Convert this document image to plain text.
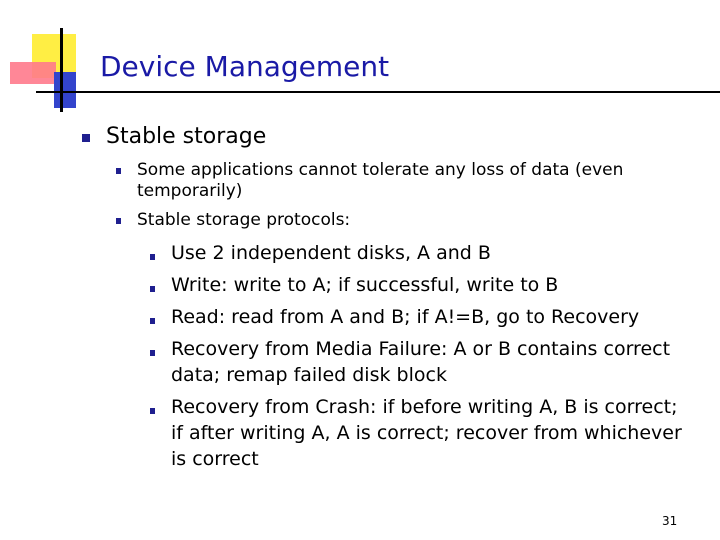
Device Management
Stable storage
Some applications cannot tolerate any loss of data (even
temporarily)
Stable storage protocols:
Use 2 independent disks, A and B
Write: write to A; if successful, write to B
Read: read from A and B; if A!=B, go to Recovery
Recovery from Media Failure: A or B contains correct
data; remap failed disk block
Recovery from Crash: if before writing A, B is correct;
if after writing A, A is correct; recover from whichever
is correct
31
